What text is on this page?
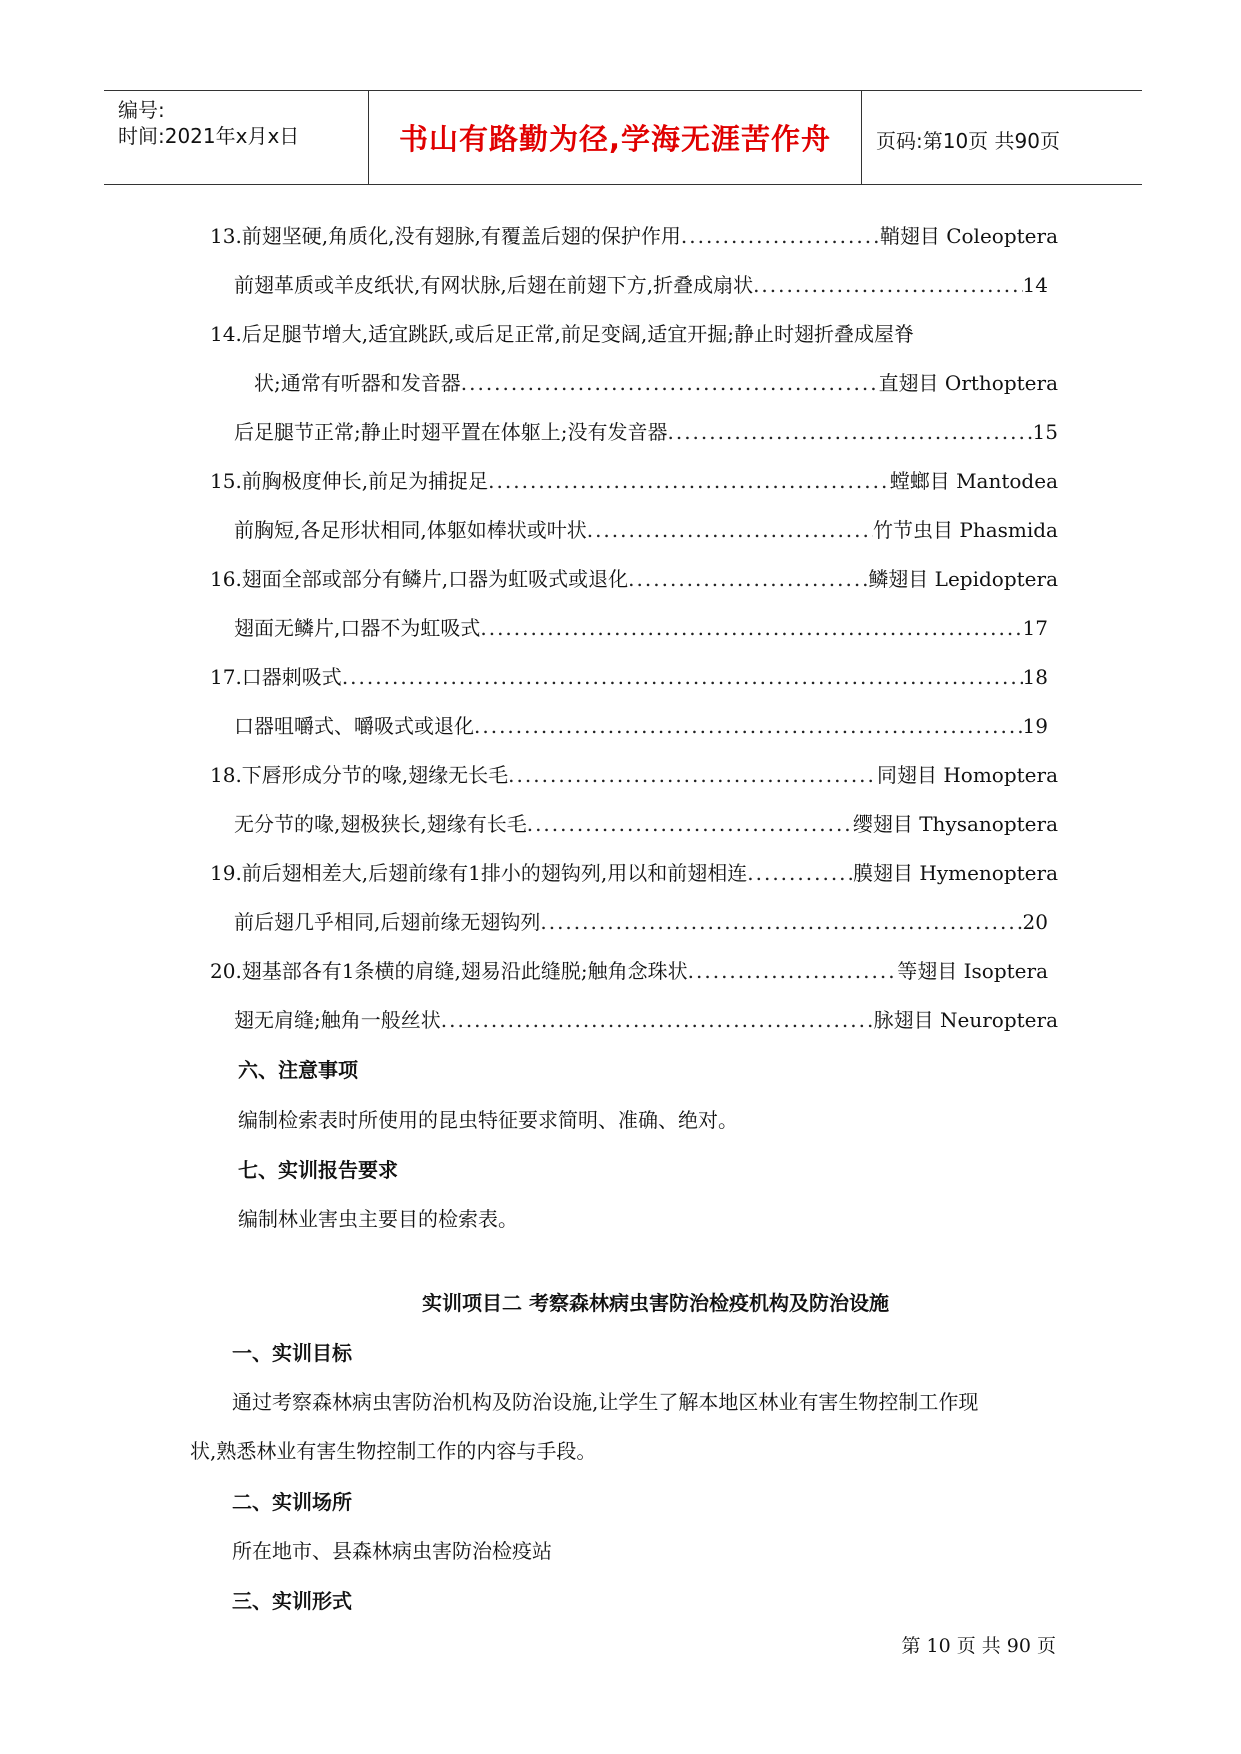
编号:
时间:2021年x月x日	书山有路勤为径,学海无涯苦作舟	页码:第10页 共90页
13.前翅坚硬,角质化,没有翅脉,有覆盖后翅的保护作用 .....	鞘翅目 Coleoptera
前翅革质或羊皮纸状,有网状脉,后翅在前翅下方,折叠成扇状 .....	14
14.后足腿节增大,适宜跳跃,或后足正常,前足变阔,适宜开掘;静止时翅折叠成屋脊
状;通常有听器和发音器 .....	直翅目 Orthoptera
后足腿节正常;静止时翅平置在体躯上;没有发音器 .....	15
15.前胸极度伸长,前足为捕捉足 .....	螳螂目 Mantodea
前胸短,各足形状相同,体躯如棒状或叶状 .....	竹节虫目 Phasmida
16.翅面全部或部分有鳞片,口器为虹吸式或退化 .....	鳞翅目 Lepidoptera
翅面无鳞片,口器不为虹吸式 .....	17
17.口器刺吸式 .....	18
口器咀嚼式、嚼吸式或退化 .....	19
18.下唇形成分节的喙,翅缘无长毛 .....	同翅目 Homoptera
无分节的喙,翅极狭长,翅缘有长毛 .....	缨翅目 Thysanoptera
19.前后翅相差大,后翅前缘有1排小的翅钩列,用以和前翅相连 .....	膜翅目 Hymenoptera
前后翅几乎相同,后翅前缘无翅钩列 .....	20
20.翅基部各有1条横的肩缝,翅易沿此缝脱;触角念珠状 .....	等翅目 Isoptera
翅无肩缝;触角一般丝状 .....	脉翅目 Neuroptera
六、注意事项
编制检索表时所使用的昆虫特征要求简明、准确、绝对。
七、实训报告要求
编制林业害虫主要目的检索表。
实训项目二 考察森林病虫害防治检疫机构及防治设施
一、实训目标
通过考察森林病虫害防治机构及防治设施,让学生了解本地区林业有害生物控制工作现
状,熟悉林业有害生物控制工作的内容与手段。
二、实训场所
所在地市、县森林病虫害防治检疫站
三、实训形式
第 10 页 共 90 页
